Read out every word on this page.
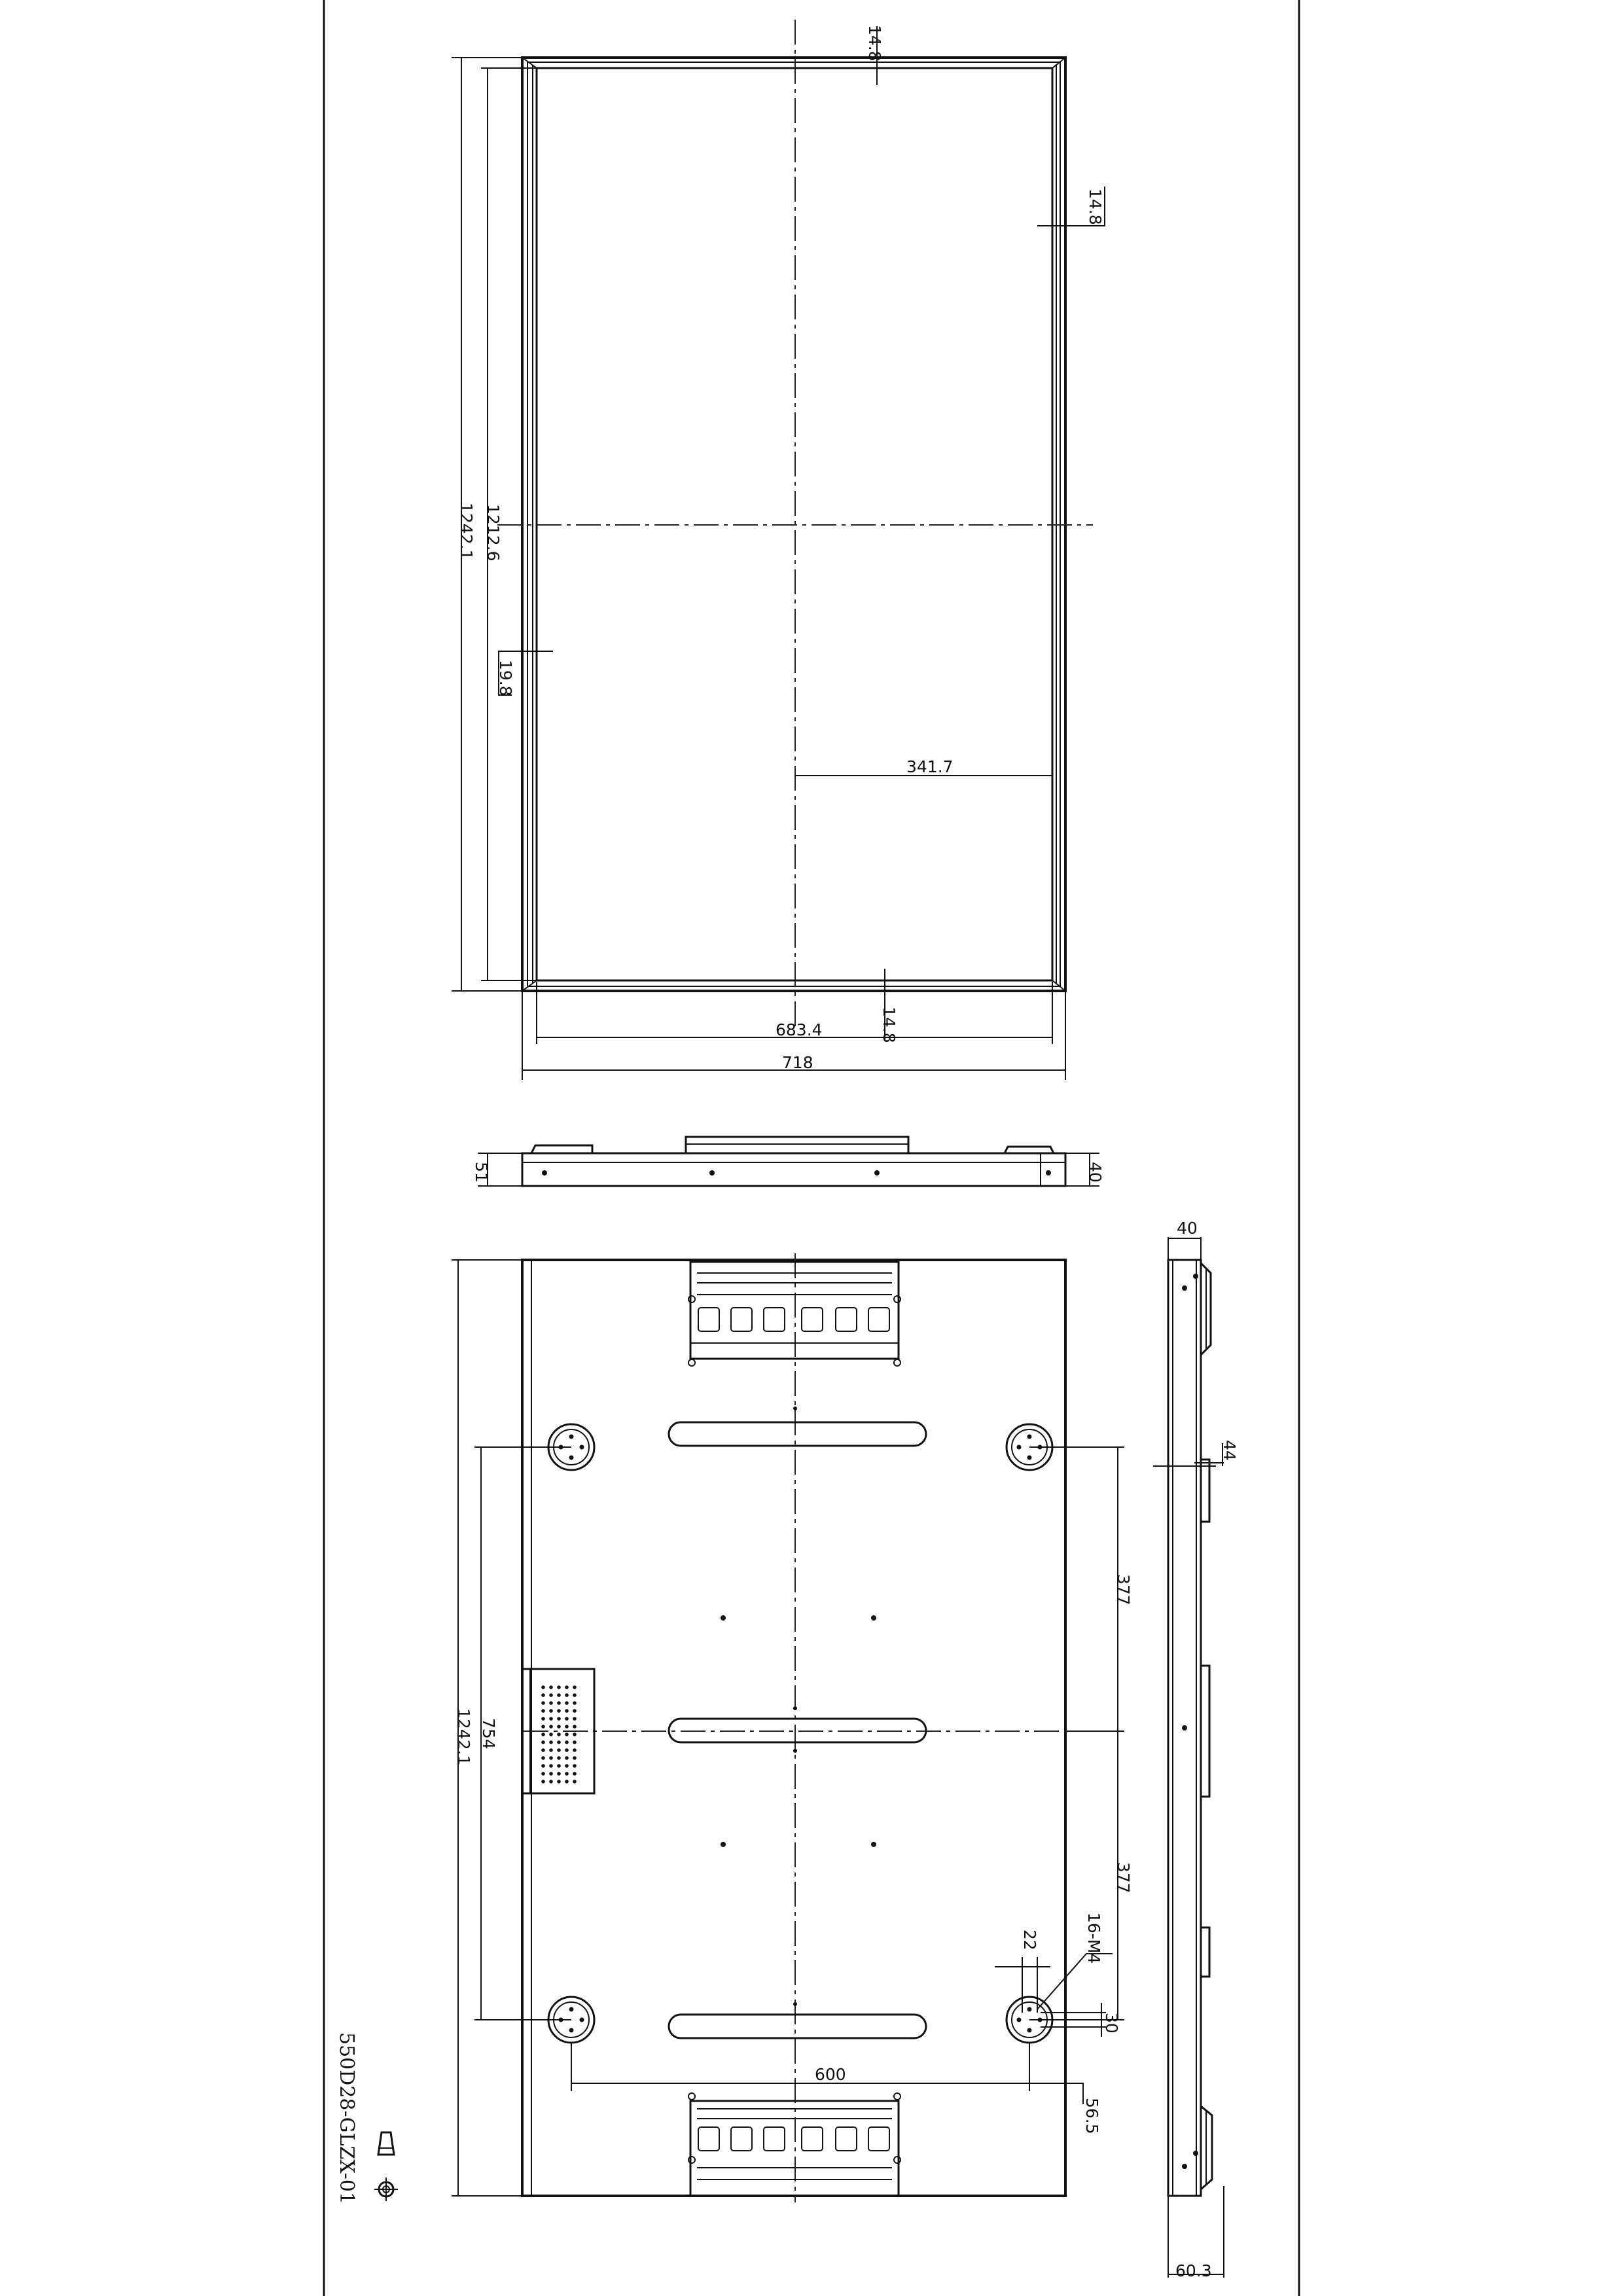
14.8
14.8
1212.6
1242.1
19.8
341.7
14.8
683.4
718
51	40
1242.1 754
377
377
16-M4
22
30
600
56.5
40
44
60.3
550D28-GLZX-01
